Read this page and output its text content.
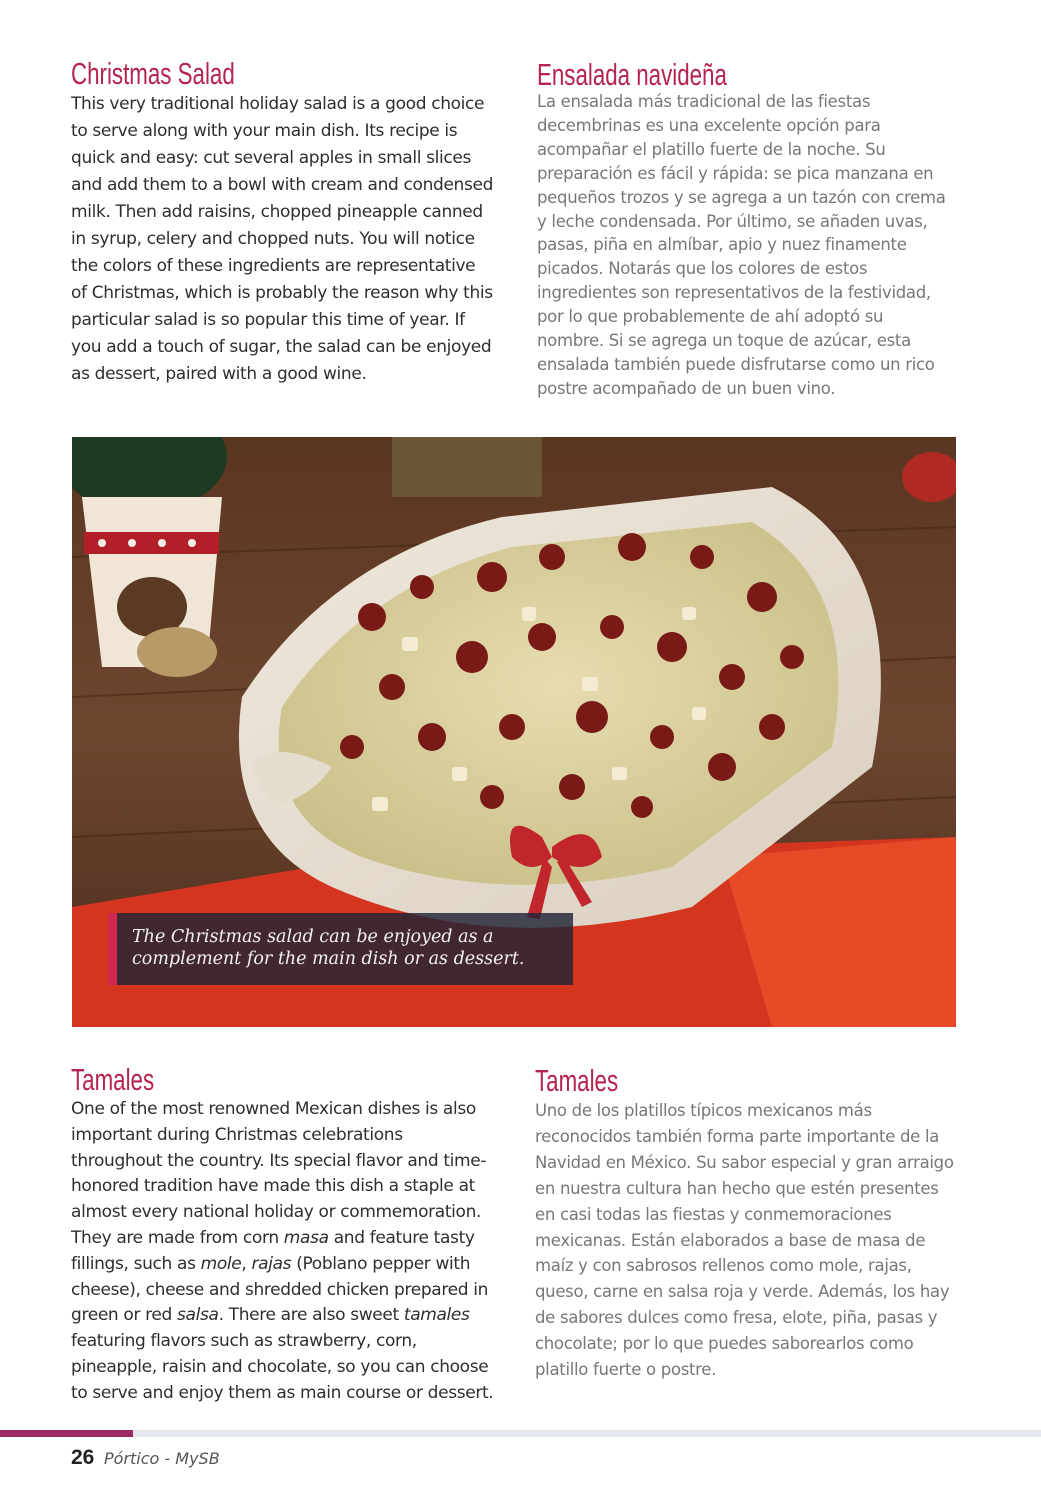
Christmas Salad

This very traditional holiday salad is a good choice to serve along with your main dish. Its recipe is quick and easy: cut several apples in small slices and add them to a bowl with cream and condensed milk. Then add raisins, chopped pineapple canned in syrup, celery and chopped nuts. You will notice the colors of these ingredients are representative of Christmas, which is probably the reason why this particular salad is so popular this time of year. If you add a touch of sugar, the salad can be enjoyed as dessert, paired with a good wine.

Ensalada navideña

La ensalada más tradicional de las fiestas decembrinas es una excelente opción para acompañar el platillo fuerte de la noche. Su preparación es fácil y rápida: se pica manzana en pequeños trozos y se agrega a un tazón con crema y leche condensada. Por último, se añaden uvas, pasas, piña en almíbar, apio y nuez finamente picados. Notarás que los colores de estos ingredientes son representativos de la festividad, por lo que probablemente de ahí adoptó su nombre. Si se agrega un toque de azúcar, esta ensalada también puede disfrutarse como un rico postre acompañado de un buen vino.

The Christmas salad can be enjoyed as a complement for the main dish or as dessert.

Tamales

One of the most renowned Mexican dishes is also important during Christmas celebrations throughout the country. Its special flavor and time-honored tradition have made this dish a staple at almost every national holiday or commemoration. They are made from corn masa and feature tasty fillings, such as mole, rajas (Poblano pepper with cheese), cheese and shredded chicken prepared in green or red salsa. There are also sweet tamales featuring flavors such as strawberry, corn, pineapple, raisin and chocolate, so you can choose to serve and enjoy them as main course or dessert.

Tamales

Uno de los platillos típicos mexicanos más reconocidos también forma parte importante de la Navidad en México. Su sabor especial y gran arraigo en nuestra cultura han hecho que estén presentes en casi todas las fiestas y conmemoraciones mexicanas. Están elaborados a base de masa de maíz y con sabrosos rellenos como mole, rajas, queso, carne en salsa roja y verde. Además, los hay de sabores dulces como fresa, elote, piña, pasas y chocolate; por lo que puedes saborearlos como platillo fuerte o postre.

26 Pórtico - MySB
